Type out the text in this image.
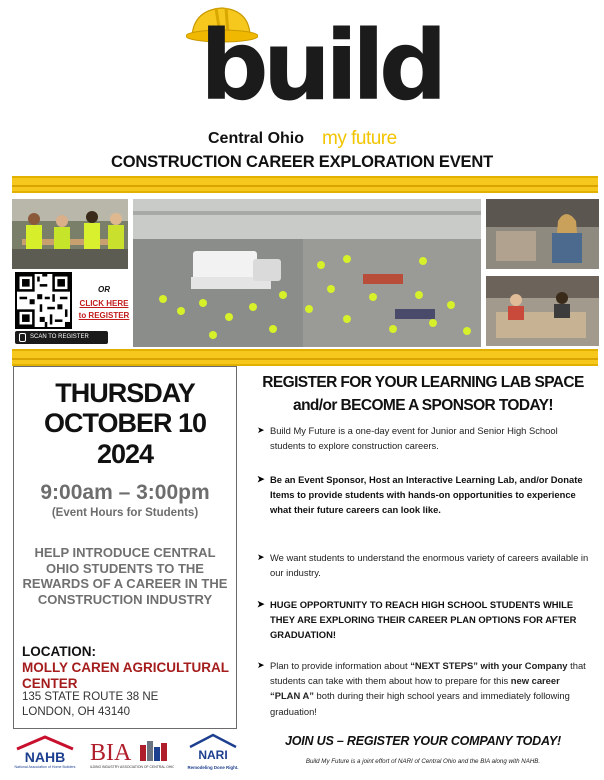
build
Central Ohio my future
CONSTRUCTION CAREER EXPLORATION EVENT
SCAN TO REGISTER
OR
CLICK HERE to REGISTER
THURSDAY
OCTOBER 10
2024
9:00am – 3:00pm
(Event Hours for Students)
HELP INTRODUCE CENTRAL OHIO STUDENTS TO THE REWARDS OF A CAREER IN THE CONSTRUCTION INDUSTRY
LOCATION:
MOLLY CAREN AGRICULTURAL CENTER
135 STATE ROUTE 38 NE
LONDON, OH 43140
NAHB
National Association of Home Builders
BIA
BUILDING INDUSTRY ASSOCIATION OF CENTRAL OHIO
NARI
Remodeling Done Right.
REGISTER FOR YOUR LEARNING LAB SPACE
and/or BECOME A SPONSOR TODAY!
➤ Build My Future is a one-day event for Junior and Senior High School students to explore construction careers.
➤ Be an Event Sponsor, Host an Interactive Learning Lab, and/or Donate Items to provide students with hands-on opportunities to experience what their future careers can look like.
➤ We want students to understand the enormous variety of careers available in our industry.
➤ HUGE OPPORTUNITY TO REACH HIGH SCHOOL STUDENTS WHILE THEY ARE EXPLORING THEIR CAREER PLAN OPTIONS FOR AFTER GRADUATION!
➤ Plan to provide information about “NEXT STEPS” with your Company that students can take with them about how to prepare for this new career “PLAN A” both during their high school years and immediately following graduation!
JOIN US – REGISTER YOUR COMPANY TODAY!
Build My Future is a joint effort of NARI of Central Ohio and the BIA along with NAHB.
